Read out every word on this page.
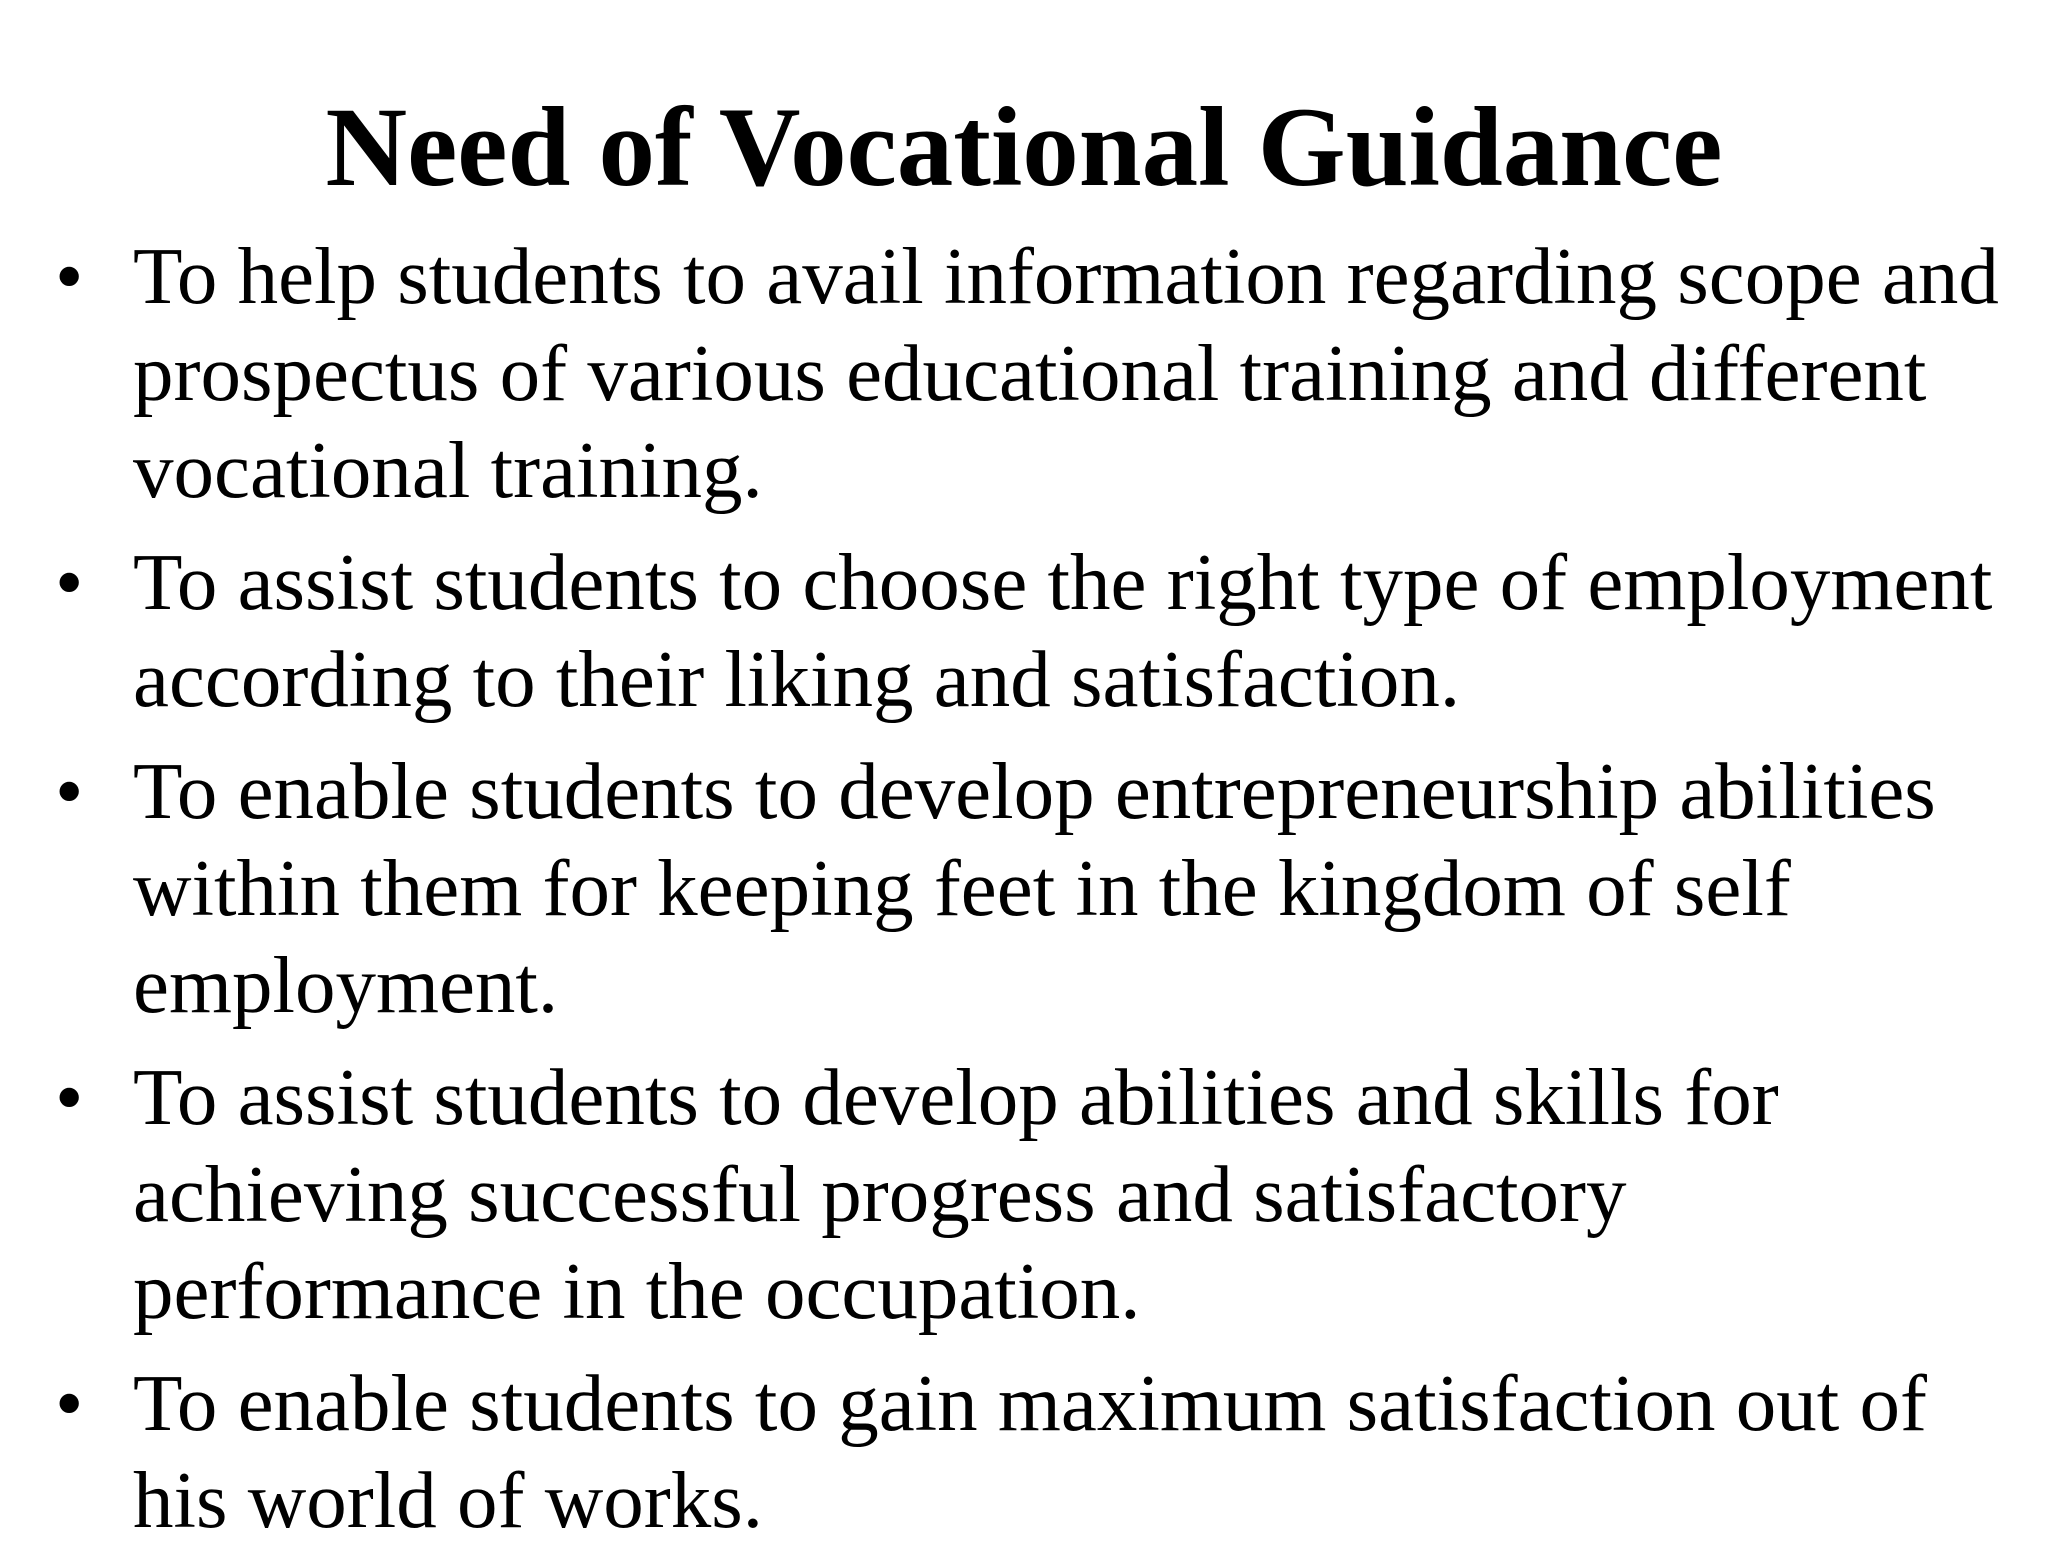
Need of Vocational Guidance
• To help students to avail information regarding scope and prospectus of various educational training and different vocational training.
• To assist students to choose the right type of employment according to their liking and satisfaction.
• To enable students to develop entrepreneurship abilities within them for keeping feet in the kingdom of self employment.
• To assist students to develop abilities and skills for achieving successful progress and satisfactory performance in the occupation.
• To enable students to gain maximum satisfaction out of his world of works.
